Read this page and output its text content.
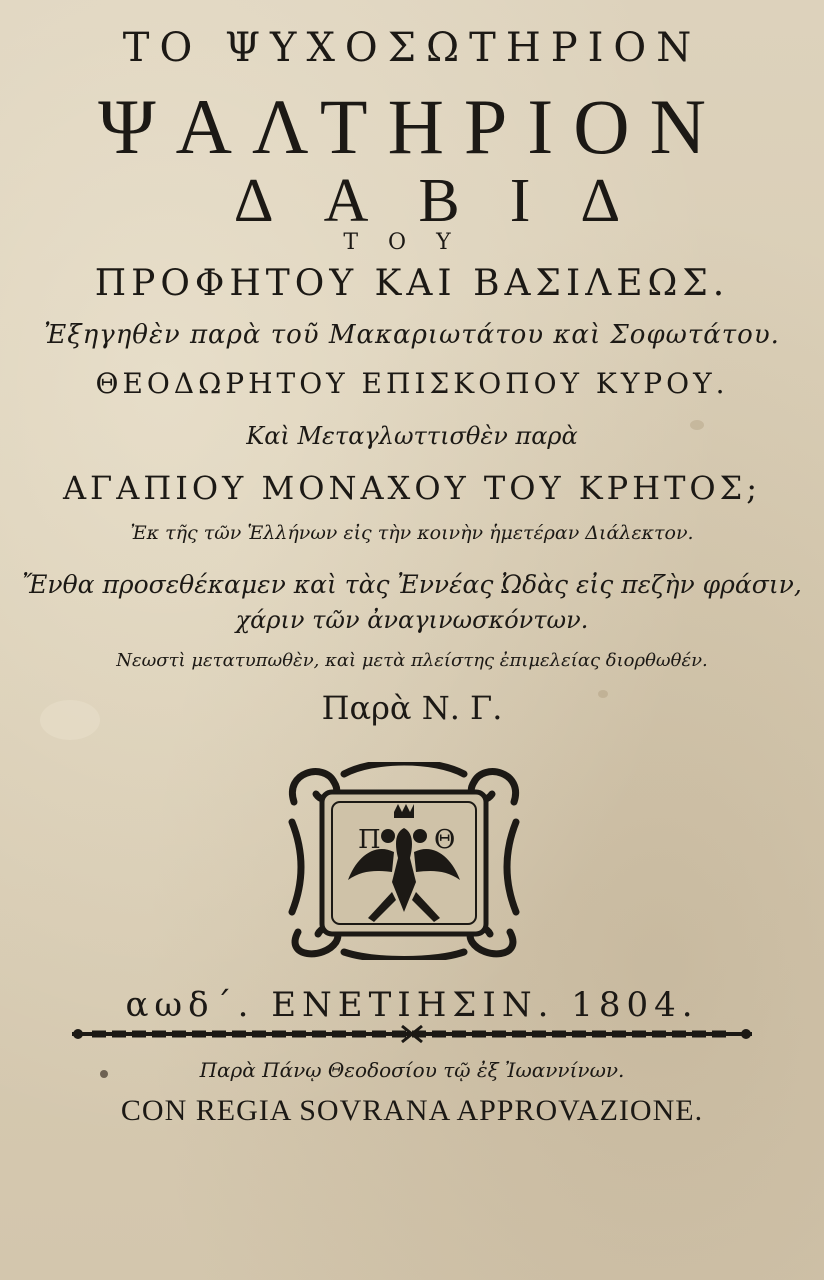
ΤΟ ΨΥΧΟΣΩΤΗΡΙΟΝ
ΨΑΛΤΗΡΙΟΝ
ΔΑΒΙΔ
ΤΟΥ
ΠΡΟΦΗΤΟΥ ΚΑΙ ΒΑΣΙΛΕΩΣ.
Ἐξηγηθὲν παρὰ τοῦ Μακαριωτάτου καὶ Σοφωτάτου.
ΘΕΟΔΩΡΗΤΟΥ ΕΠΙΣΚΟΠΟΥ ΚΥΡΟΥ.
Καὶ Μεταγλωττισθὲν παρὰ
ΑΓΑΠΙΟΥ ΜΟΝΑΧΟΥ ΤΟΥ ΚΡΗΤΟΣ;
Ἐκ τῆς τῶν Ἑλλήνων εἰς τὴν κοινὴν ἡμετέραν Διάλεκτον.
Ἔνθα προσεθέκαμεν καὶ τὰς Ἐννέας Ὠδὰς εἰς πεζὴν φράσιν,
χάριν τῶν ἀναγινωσκόντων.
Νεωστὶ μετατυπωθὲν, καὶ μετὰ πλείστης ἐπιμελείας διορθωθέν.
Παρὰ Ν. Γ.
Π Θ
αωδ΄. ΕΝΕΤΙΗΣΙΝ. 1804.
Παρὰ Πάνῳ Θεοδοσίου τῷ ἐξ Ἰωαννίνων.
CON REGIA SOVRANA APPROVAZIONE.
